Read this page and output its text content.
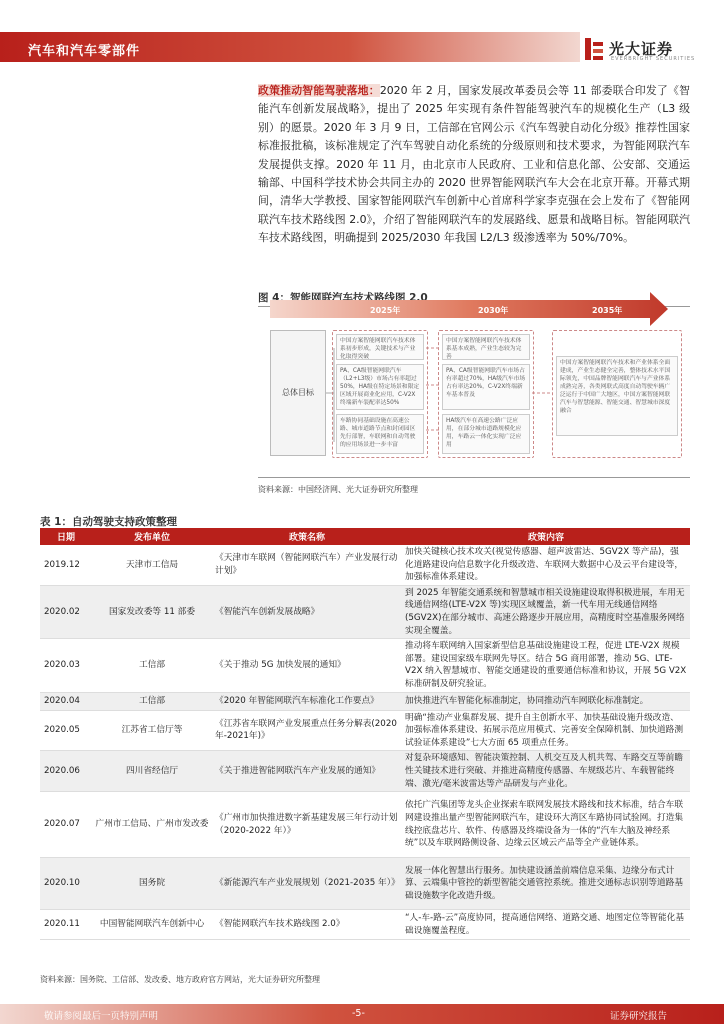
汽车和汽车零部件	光大证券
EVERBRIGHT SECURITIES
政策推动智能驾驶落地：2020 年 2 月，国家发展改革委员会等 11 部委联合印发了《智能汽车创新发展战略》，提出了 2025 年实现有条件智能驾驶汽车的规模化生产（L3 级别）的愿景。2020 年 3 月 9 日，工信部在官网公示《汽车驾驶自动化分级》推荐性国家标准报批稿，该标准规定了汽车驾驶自动化系统的分级原则和技术要求，为智能网联汽车发展提供支撑。2020 年 11 月，由北京市人民政府、工业和信息化部、公安部、交通运输部、中国科学技术协会共同主办的 2020 世界智能网联汽车大会在北京开幕。开幕式期间，清华大学教授、国家智能网联汽车创新中心首席科学家李克强在会上发布了《智能网联汽车技术路线图 2.0》，介绍了智能网联汽车的发展路线、愿景和战略目标。智能网联汽车技术路线图，明确提到 2025/2030 年我国 L2/L3 级渗透率为 50%/70%。
图 4：智能网联汽车技术路线图 2.0
2025年	2030年	2035年
总体目标
中国方案智能网联汽车技术体系初步形成，关键技术与产业化取得突破
PA、CA级智能网联汽车（L2+L3级）市场占有率超过50%，HA级在特定场景和限定区域开展商业化应用，C-V2X终端新车装配率达50%
车路协同基础设施在高速公路、城市道路节点和封闭园区先行部署，车联网和自动驾驶的应用场景进一步丰富
中国方案智能网联汽车技术体系基本成熟，产业生态较为完善
PA、CA级智能网联汽车市场占有率超过70%，HA级汽车市场占有率达20%，C-V2X终端新车基本普及
HA级汽车在高速公路广泛应用，在部分城市道路规模化应用，车路云一体化实现广泛应用
中国方案智能网联汽车技术和产业体系全面建成，产业生态健全完善，整体技术水平国际领先，中国品牌智能网联汽车与产业体系成熟完善，各类网联式高度自动驾驶车辆广泛运行于中国广大地区，中国方案智能网联汽车与智慧能源、智能交通、智慧城市深度融合
资料来源：中国经济网、光大证券研究所整理
表 1：自动驾驶支持政策整理
日期	发布单位	政策名称	政策内容
2019.12	天津市工信局	《天津市车联网（智能网联汽车）产业发展行动计划》	加快关键核心技术攻关(视觉传感器、超声波雷达、5GV2X 等产品)，强化道路建设向信息数字化升级改造、车联网大数据中心及云平台建设等，加强标准体系建设。
2020.02	国家发改委等 11 部委	《智能汽车创新发展战略》	到 2025 年智能交通系统和智慧城市相关设施建设取得积极进展，车用无线通信网络(LTE-V2X 等)实现区域覆盖，新一代车用无线通信网络(5GV2X)在部分城市、高速公路逐步开展应用，高精度时空基准服务网络实现全覆盖。
2020.03	工信部	《关于推动 5G 加快发展的通知》	推动将车联网纳入国家新型信息基础设施建设工程，促进 LTE-V2X 规模部署。建设国家级车联网先导区。结合 5G 商用部署，推动 5G、LTE-V2X 纳入智慧城市、智能交通建设的重要通信标准和协议，开展 5G V2X 标准研制及研究验证。
2020.04	工信部	《2020 年智能网联汽车标准化工作要点》	加快推进汽车智能化标准制定，协同推动汽车网联化标准制定。
2020.05	江苏省工信厅等	《江苏省车联网产业发展重点任务分解表(2020年-2021年)》	明确“推动产业集群发展、提升自主创新水平、加快基础设施升级改造、加强标准体系建设、拓展示范应用模式、完善安全保障机制、加快道路测试验证体系建设”七大方面 65 项重点任务。
2020.06	四川省经信厅	《关于推进智能网联汽车产业发展的通知》	对复杂环境感知、智能决策控制、人机交互及人机共驾、车路交互等前瞻性关键技术进行突破、并推进高精度传感器、车规级芯片、车载智能终端、激光/毫米波雷达等产品研发与产业化。
2020.07	广州市工信局、广州市发改委	《广州市加快推进数字新基建发展三年行动计划（2020-2022 年）》	依托广汽集团等龙头企业探索车联网发展技术路线和技术标准，结合车联网建设推出量产型智能网联汽车，建设环大湾区车路协同试验网。打造集线控底盘芯片、软件、传感器及终端设备为一体的“汽车大脑及神经系统”以及车联网路侧设备、边缘云区域云产品等全产业链体系。
2020.10	国务院	《新能源汽车产业发展规划（2021-2035 年）》	发展一体化智慧出行服务。加快建设涵盖前端信息采集、边缘分布式计算、云端集中管控的新型智能交通管控系统。推进交通标志识别等道路基础设施数字化改造升级。
2020.11	中国智能网联汽车创新中心	《智能网联汽车技术路线图 2.0》	“人-车-路-云”高度协同，提高通信网络、道路交通、地图定位等智能化基础设施覆盖程度。
资料来源：国务院、工信部、发改委、地方政府官方网站，光大证券研究所整理
敬请参阅最后一页特别声明	-5-	证券研究报告
